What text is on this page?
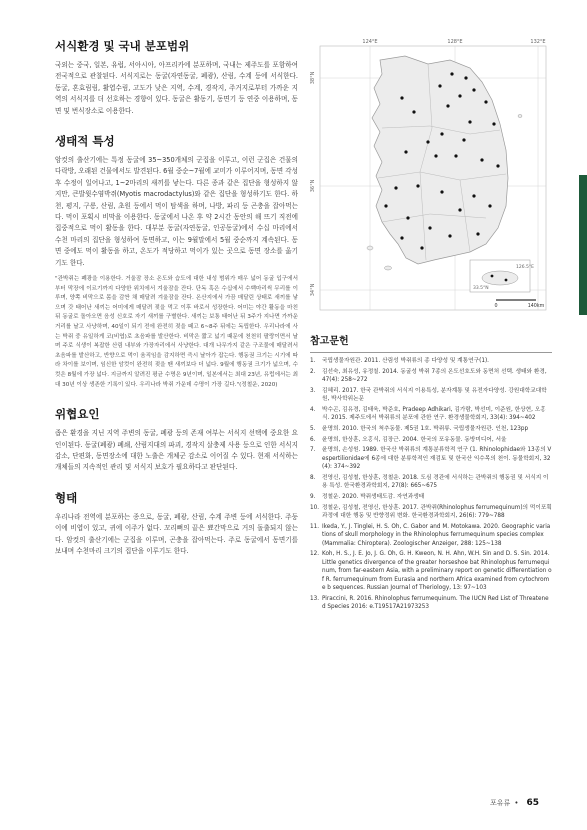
서식환경 및 국내 분포범위

국외는 중국, 일본, 유럽, 서아시아, 아프리카에 분포하며, 국내는 제주도를 포함하여 전국적으로 관찰된다. 서식지로는 동굴(자연동굴, 폐광), 산림, 수계 등에 서식한다. 동굴, 혼효림림, 활엽수림, 고도가 낮은 지역, 수계, 경작지, 주거지로부터 가까운 지역의 서식지를 더 선호하는 경향이 있다. 동굴은 활동기, 동면기 등 연중 이용하며, 동면 및 번식장소로 이용한다.

생태적 특성

암컷의 출산기에는 특정 동굴에 35~350개체의 군집을 이루고, 이런 군집은 건물의 다락방, 오래된 건물에서도 발견된다. 6월 중순~7월에 교미가 이루어지며, 동면 각성 후 수정이 일어나고, 1~2마리의 새끼를 낳는다. 다른 종과 같은 집단을 형성하지 않지만, 큰발윗수염박쥐(Myotis macrodactylus)와 같은 집단을 형성하기도 한다. 하천, 평지, 구릉, 산림, 초원 등에서 먹이 탐색을 하며, 나방, 파리 등 곤충을 잡아먹는다. 먹이 포획시 비막을 이용한다. 동굴에서 나온 후 약 2시간 동안의 해 뜨기 직전에 집중적으로 먹이 활동을 한다. 대부분 동굴(자연동굴, 인공동굴)에서 수십 마리에서 수천 마리의 집단을 형성하여 동면하고, 이는 9월말에서 5월 중순까지 계속된다. 동면 중에도 먹이 활동을 하고, 온도가 적당하고 먹이가 있는 곳으로 동면 장소를 옮기기도 한다.

"관박쥐는 폐광을 이용한다. 거울잠 장소 온도와 습도에 대한 내성 범위가 매우 넓어 동굴 입구에서부터 막장에 이르기까지 다양한 위치에서 겨울잠을 잔다. 단독 혹은 수십에서 수백마리씩 무리를 이루며, 양쪽 비막으로 몸을 감싼 채 매달려 겨울잠을 잔다. 온산지에서 가끔 매달린 상태로 새끼를 낳으며 갓 태어난 새끼는 어미에게 매달려 젖을 먹고 이후 바로서 성장한다. 어미는 야간 활동을 마친 뒤 동굴로 돌아오면 음성 신호로 자기 새끼를 구별한다. 새끼는 보통 태어난 뒤 3주가 지나면 가까운 거리를 날고 사냥하며, 40일이 되기 전에 완전히 젖을 떼고 6~8주 뒤에는 독립한다. 우리나라에 사는 박쥐 중 유일하게 코(비엽)로 초음파를 발산한다. 비막은 짧고 넓기 때문에 천천히 팔랑이면서 날며 주로 식생이 복잡한 산림 내부와 가장자리에서 사냥한다. 대개 나무가지 같은 구조물에 매달려서 초음파를 발산하고, 반향으로 먹이 움직임을 감지하면 즉시 날아가 잡는다. 행동권 크기는 시기에 따라 차이를 보이며, 임신한 암컷이 완전히 젖을 땐 새끼보다 더 넓다. 9월에 행동권 크기가 넓으며, 수컷은 8월에 가장 넓다. 지금까지 알려진 평균 수명은 9년이며, 일본에서는 최대 23년, 유럽에서는 최대 30년 이상 생존한 기록이 있다. 우리나라 박쥐 가운데 수명이 가장 길다."(정철운, 2020)

위협요인

좁은 환경을 지닌 지역 주변의 동굴, 폐광 등의 존재 여부는 서식지 선택에 중요한 요인이된다. 동굴(폐광) 폐쇄, 산림지대의 파괴, 경작지 살충제 사용 등으로 인한 서식지 감소, 단편화, 동면장소에 대한 노출은 개체군 감소로 이어질 수 있다. 현재 서식하는 개체들의 지속적인 관리 및 서식지 보호가 필요하다고 판단된다.

형태

우리나라 전역에 분포하는 종으로, 동굴, 폐광, 산림, 수계 주변 등에 서식한다. 주둥이에 비엽이 있고, 귀에 이주가 없다. 꼬리뼈의 끝은 뾰간막으로 거의 돌출되지 않는다. 암컷의 출산기에는 군집을 이루며, 곤충을 잡아먹는다. 주로 동굴에서 동면기를 보내며 수천마리 크기의 집단을 이루기도 한다.

124°E	128°E	132°E
38°N
36°N
34°N
126.5°E
33.5°N
0	140km
참고문헌
1.	국립생물자원관. 2011. 산림성 박쥐류의 종 다양성 및 계통연구(1).
2.	김선숙, 최유성, 유정칠. 2014. 동굴성 박쥐 7종의 온도선호도와 동면처 선택. 생태와 환경, 47(4): 258~272
3.	김혜리. 2017. 한국 관박쥐의 서식지 이용특성, 분자계통 및 유전자다양성. 강원대학교대학원, 박사학위논문
4.	박수곤, 김유경, 김태욱, 박준호, Pradeep Adhikari, 김가람, 박선미, 이준원, 한상현, 오홍식. 2015. 제주도에서 박쥐류의 분포에 관한 연구. 환경생물학회지, 33(4): 394~402
5.	윤명희. 2010. 한국의 척추동물. 제5권 1호. 박쥐류. 국립생물자원관. 인천, 123pp
6.	윤명희, 한상훈, 오홍식, 김장근. 2004. 한국의 포유동물. 동방미디어, 서울
7.	윤명희, 손성원. 1989. 한국산 박쥐류의 계통분류학적 연구 (1. Rhinolophidae와 13종의 Vespertilionidae에 6종에 대한 분류학적인 재검토 및 한국산 익수목의 천이. 동물학회지, 32(4): 374~392
8.	전영신, 김성철, 한상훈, 정철운. 2018. 도심 경관에 서식하는 관박쥐의 행동권 및 서식지 이용 특성. 한국환경과학회지, 27(8): 665~675
9.	정철운. 2020. 박쥐생태도감. 자연과생태
10. 정철운, 김성철, 전영신, 한상훈. 2017. 관박쥐(Rhinolophus ferrumequinum)의 먹이포획 과정에 대한 행동 및 반향정위 변화. 한국환경과학회지, 26(6): 779~788
11. Ikeda, Y., J. Tinglei, H. S. Oh, C. Gabor and M. Motokawa. 2020. Geographic variations of skull morphology in the Rhinolophus ferrumequinum species complex (Mammalia: Chiroptera). Zoologischer Anzeiger, 288: 125~138
12. Koh, H. S., J. E. Jo, J. G. Oh, G. H. Kweon, N. H. Ahn, W.H. Sin and D. S. Sin. 2014. Little genetics divergence of the greater horseshoe bat Rhinolophus ferrumequinum, from far-eastern Asia, with a preliminary report on genetic differentiation of R. ferrumequinum from Eurasia and northern Africa examined from cytochrome b sequences. Russian Journal of Theriology, 13: 97~103
13. Piraccini, R. 2016. Rhinolophus ferrumequinum. The IUCN Red List of Threatened Species 2016: e.T19517A21973253
포유류 • 65
